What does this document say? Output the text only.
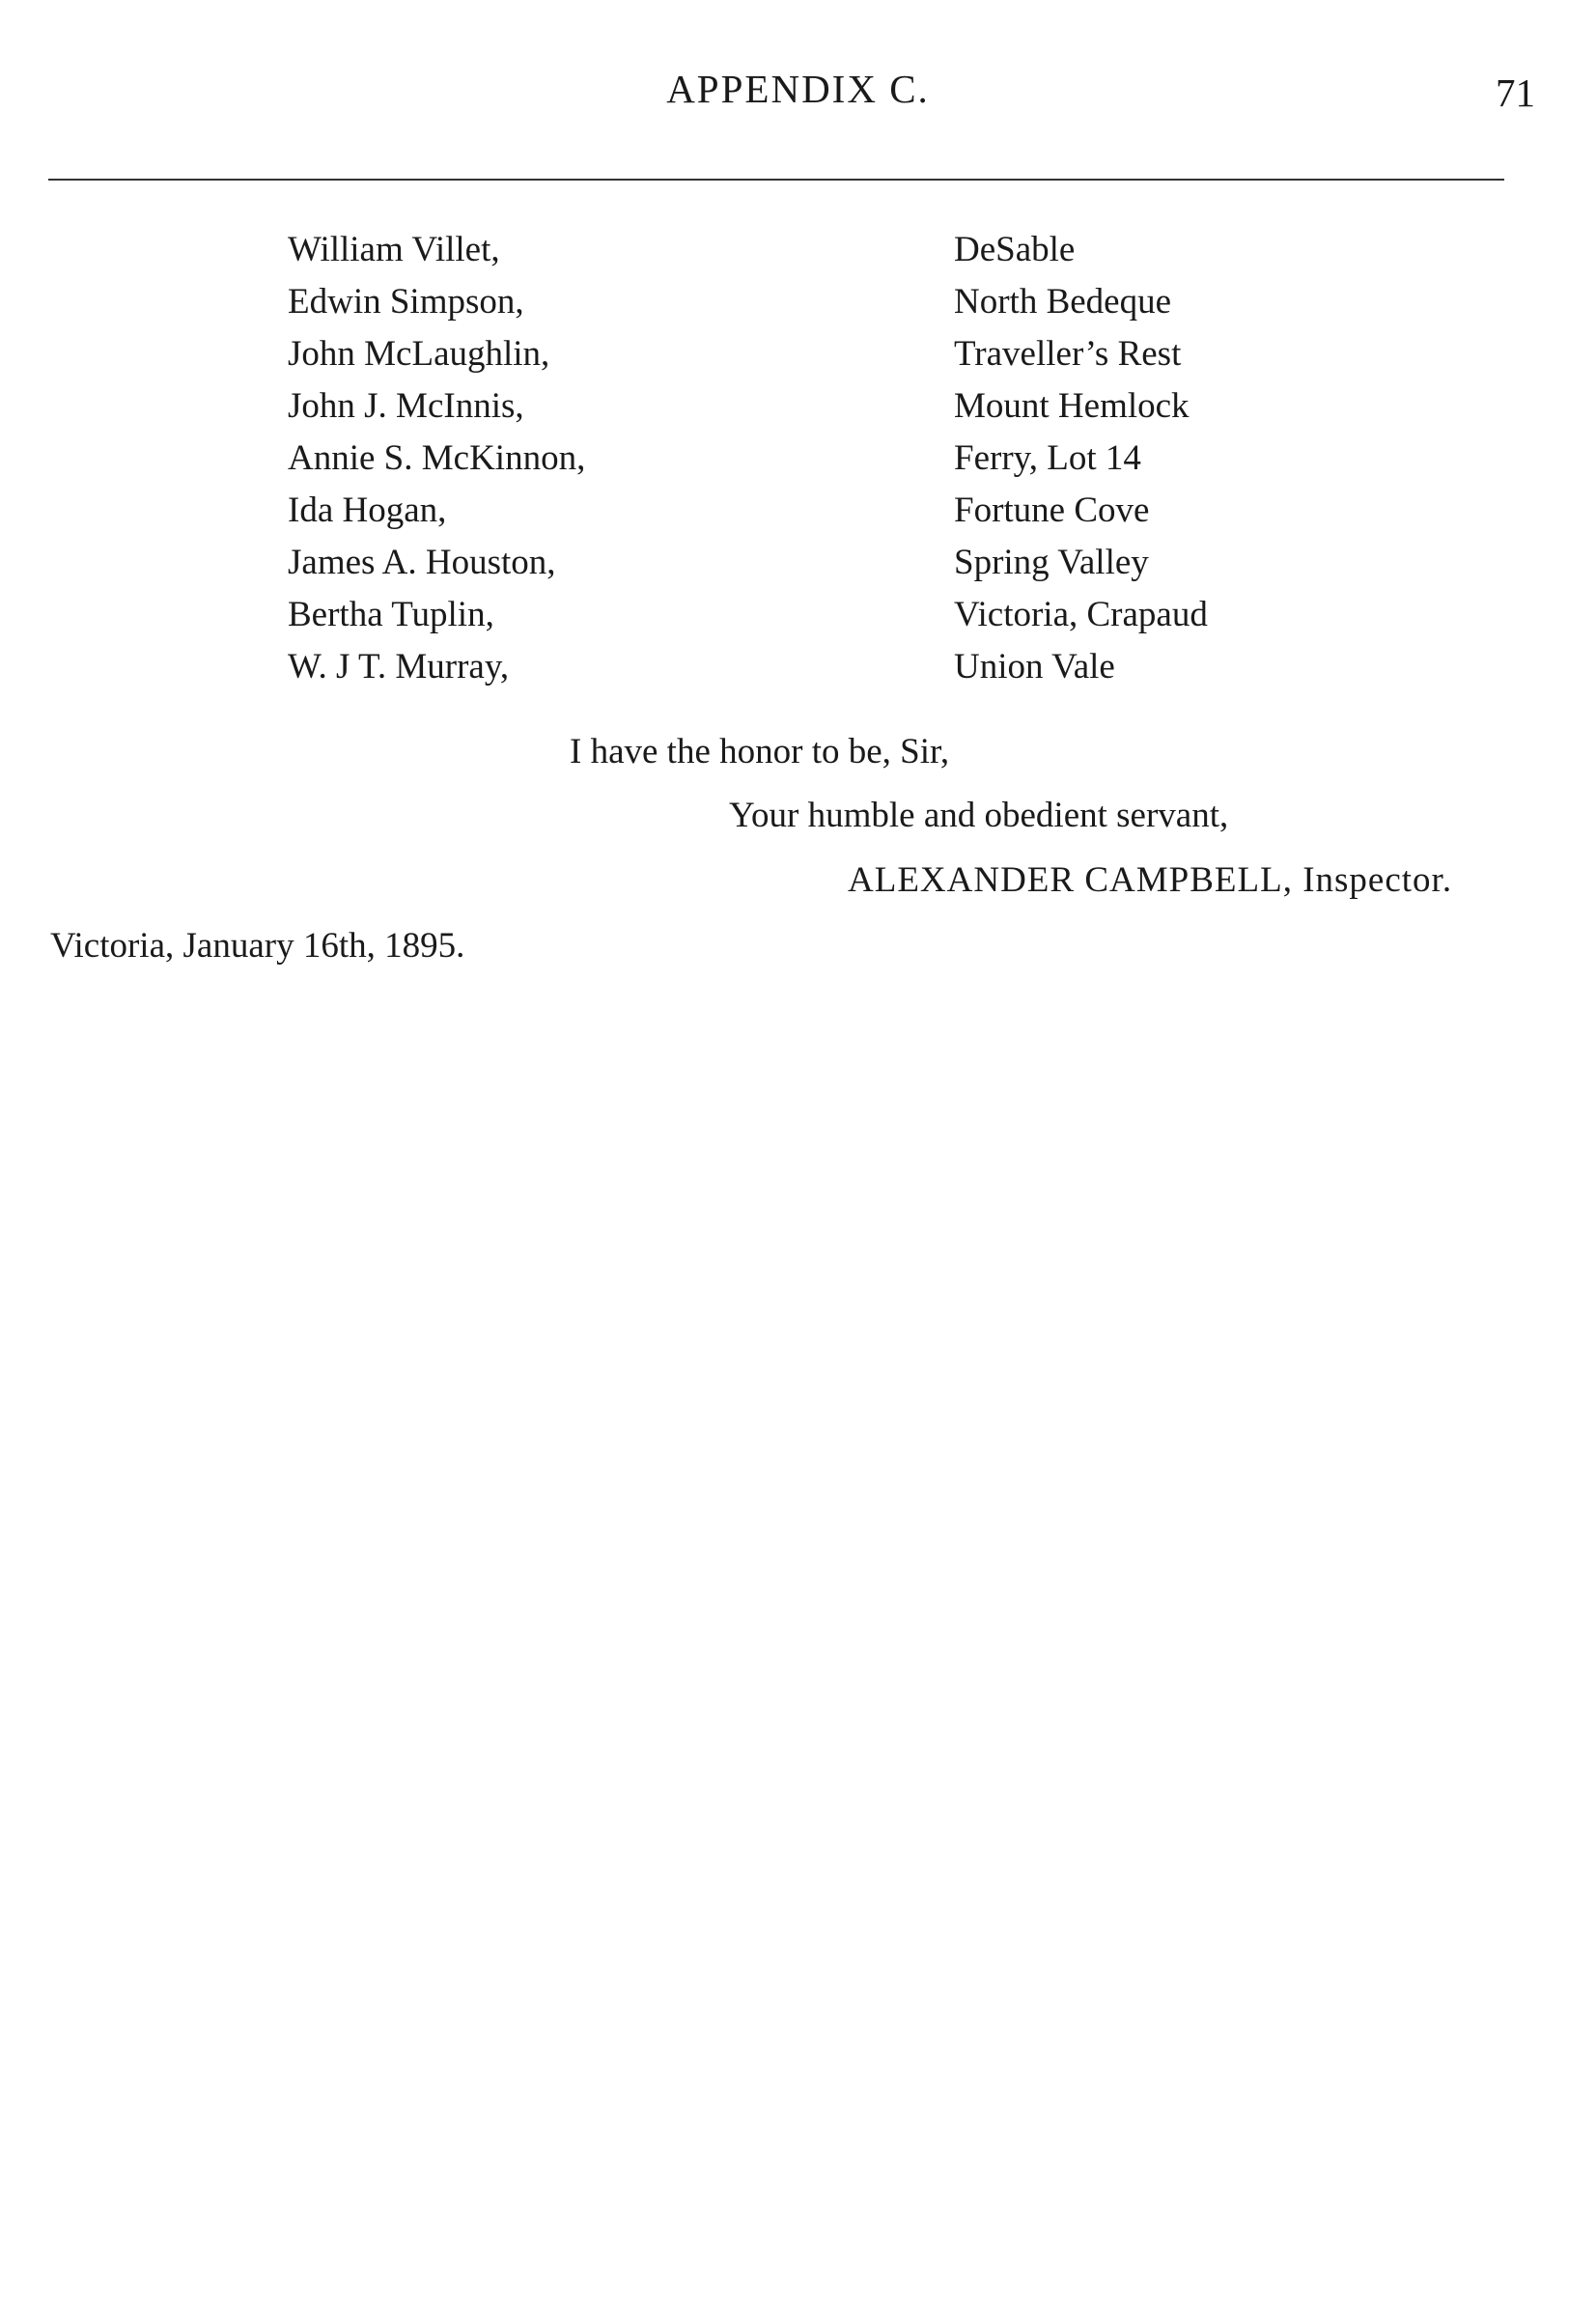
APPENDIX C.	71
William Villet,	DeSable
Edwin Simpson,	North Bedeque
John McLaughlin,	Traveller’s Rest
John J. McInnis,	Mount Hemlock
Annie S. McKinnon,	Ferry, Lot 14
Ida Hogan,	Fortune Cove
James A. Houston,	Spring Valley
Bertha Tuplin,	Victoria, Crapaud
W. J T. Murray,	Union Vale
I have the honor to be, Sir,
Your humble and obedient servant,
ALEXANDER CAMPBELL, Inspector.
Victoria, January 16th, 1895.
